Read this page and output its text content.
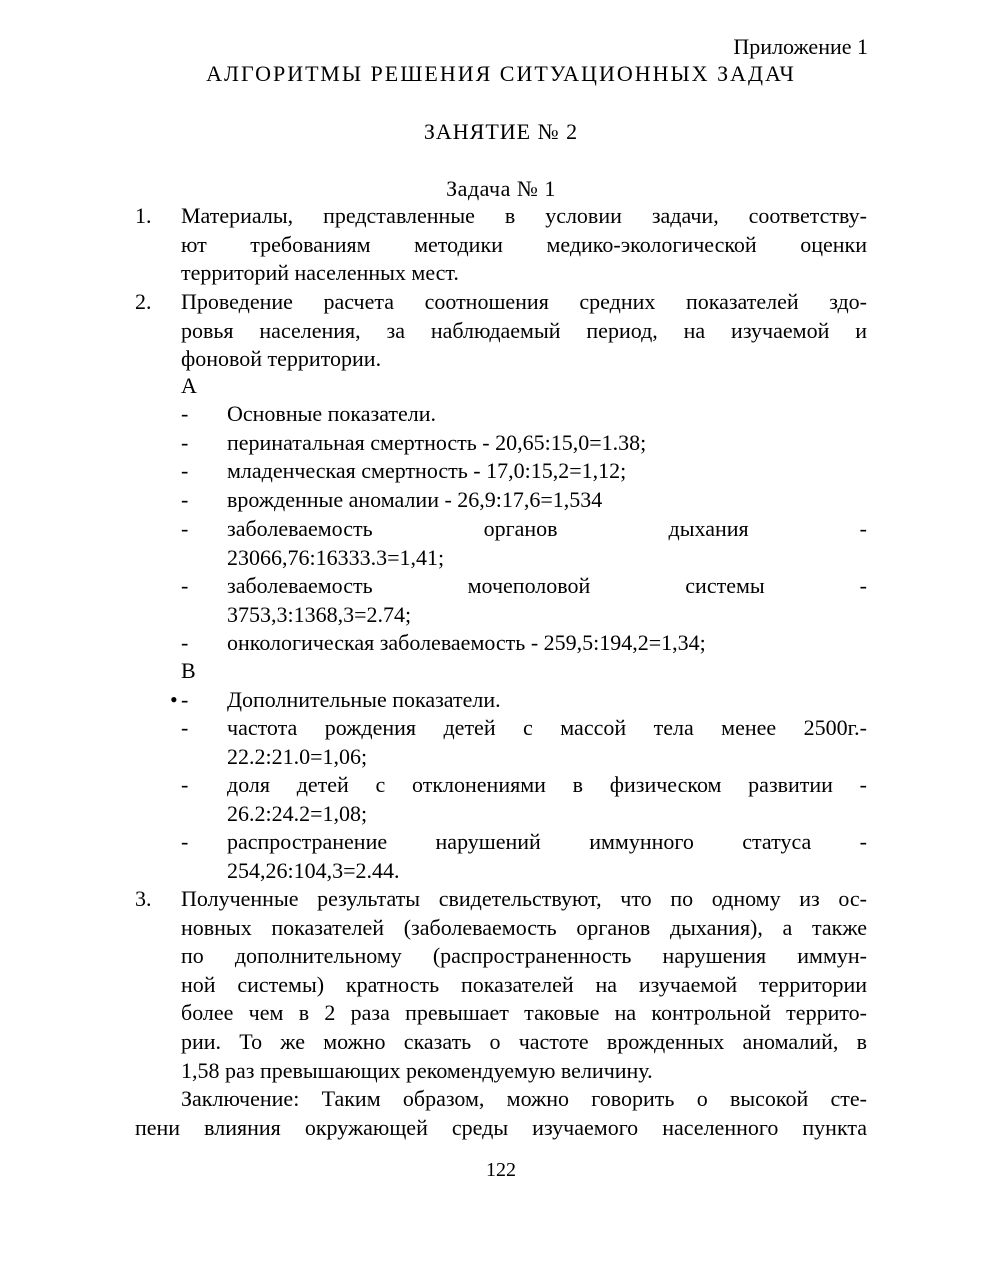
Приложение 1
АЛГОРИТМЫ РЕШЕНИЯ СИТУАЦИОННЫХ ЗАДАЧ
ЗАНЯТИЕ № 2
Задача № 1
1. Материалы, представленные в условии задачи, соответству-
ют требованиям методики медико-экологической оценки
территорий населенных мест.
2. Проведение расчета соотношения средних показателей здо-
ровья населения, за наблюдаемый период, на изучаемой и
фоновой территории.
А
- Основные показатели.
- перинатальная смертность - 20,65:15,0=1.38;
- младенческая смертность - 17,0:15,2=1,12;
- врожденные аномалии - 26,9:17,6=1,534
- заболеваемость органов дыхания -
23066,76:16333.3=1,41;
- заболеваемость мочеполовой системы -
3753,3:1368,3=2.74;
- онкологическая заболеваемость - 259,5:194,2=1,34;
В
• - Дополнительные показатели.
- частота рождения детей с массой тела менее 2500г.-
22.2:21.0=1,06;
- доля детей с отклонениями в физическом развитии -
26.2:24.2=1,08;
- распространение нарушений иммунного статуса -
254,26:104,3=2.44.
3. Полученные результаты свидетельствуют, что по одному из ос-
новных показателей (заболеваемость органов дыхания), а также
по дополнительному (распространенность нарушения иммун-
ной системы) кратность показателей на изучаемой территории
более чем в 2 раза превышает таковые на контрольной террито-
рии. То же можно сказать о частоте врожденных аномалий, в
1,58 раз превышающих рекомендуемую величину.
Заключение: Таким образом, можно говорить о высокой сте-
пени влияния окружающей среды изучаемого населенного пункта
122
